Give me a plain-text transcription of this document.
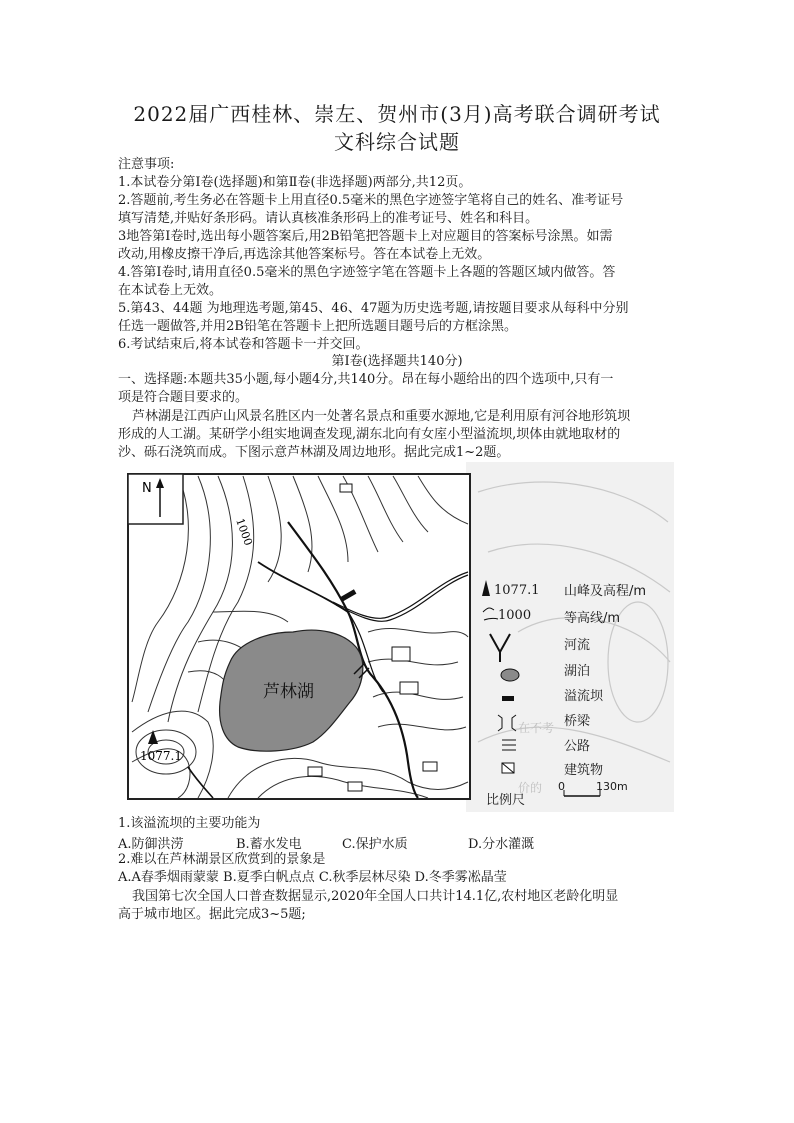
2022届广西桂林、崇左、贺州市(3月)高考联合调研考试
文科综合试题
注意事项:
1.本试卷分第Ⅰ卷(选择题)和第Ⅱ卷(非选择题)两部分,共12页。
2.答题前,考生务必在答题卡上用直径0.5毫米的黑色字迹签字笔将自己的姓名、准考证号
填写清楚,并贴好条形码。请认真核准条形码上的准考证号、姓名和科目。
3地答第Ⅰ卷时,选出每小题答案后,用2B铅笔把答题卡上对应题目的答案标号涂黑。如需
改动,用橡皮擦干净后,再选涂其他答案标号。答在本试卷上无效。
4.答第Ⅰ卷时,请用直径0.5毫米的黑色字迹签字笔在答题卡上各题的答题区域内做答。答
在本试卷上无效。
5.第43、44题 为地理选考题,第45、46、47题为历史选考题,请按题目要求从每科中分别
任选一题做答,并用2B铅笔在答题卡上把所选题目题号后的方框涂黑。
6.考试结束后,将本试卷和答题卡一并交回。
第Ⅰ卷(选择题共140分)
一、选择题:本题共35小题,每小题4分,共140分。昂在每小题给出的四个选项中,只有一
项是符合题目要求的。
芦林湖是江西庐山风景名胜区内一处著名景点和重要水源地,它是利用原有河谷地形筑坝
形成的人工湖。某研学小组实地调查发现,湖东北向有女庢小型溢流坝,坝体由就地取材的
沙、砾石浇筑而成。下图示意芦林湖及周边地形。据此完成1~2题。
在不考
价的
芦林湖
N
1000
1077.1
1077.1 山峰及高程/m
1000	等高线/m
河流
湖泊
溢流坝
桥梁
公路
建筑物
比例尺
0	130m
1.该溢流坝的主要功能为
A.防御洪涝	B.蓄水发电	C.保护水质	D.分水灌溉
2.难以在芦林湖景区欣赏到的景象是
A.A春季烟雨蒙蒙 B.夏季白帆点点 C.秋季层林尽染 D.冬季雾凇晶莹
我国第七次全国人口普查数据显示,2020年全国人口共计14.1亿,农村地区老龄化明显
高于城市地区。据此完成3~5题;
